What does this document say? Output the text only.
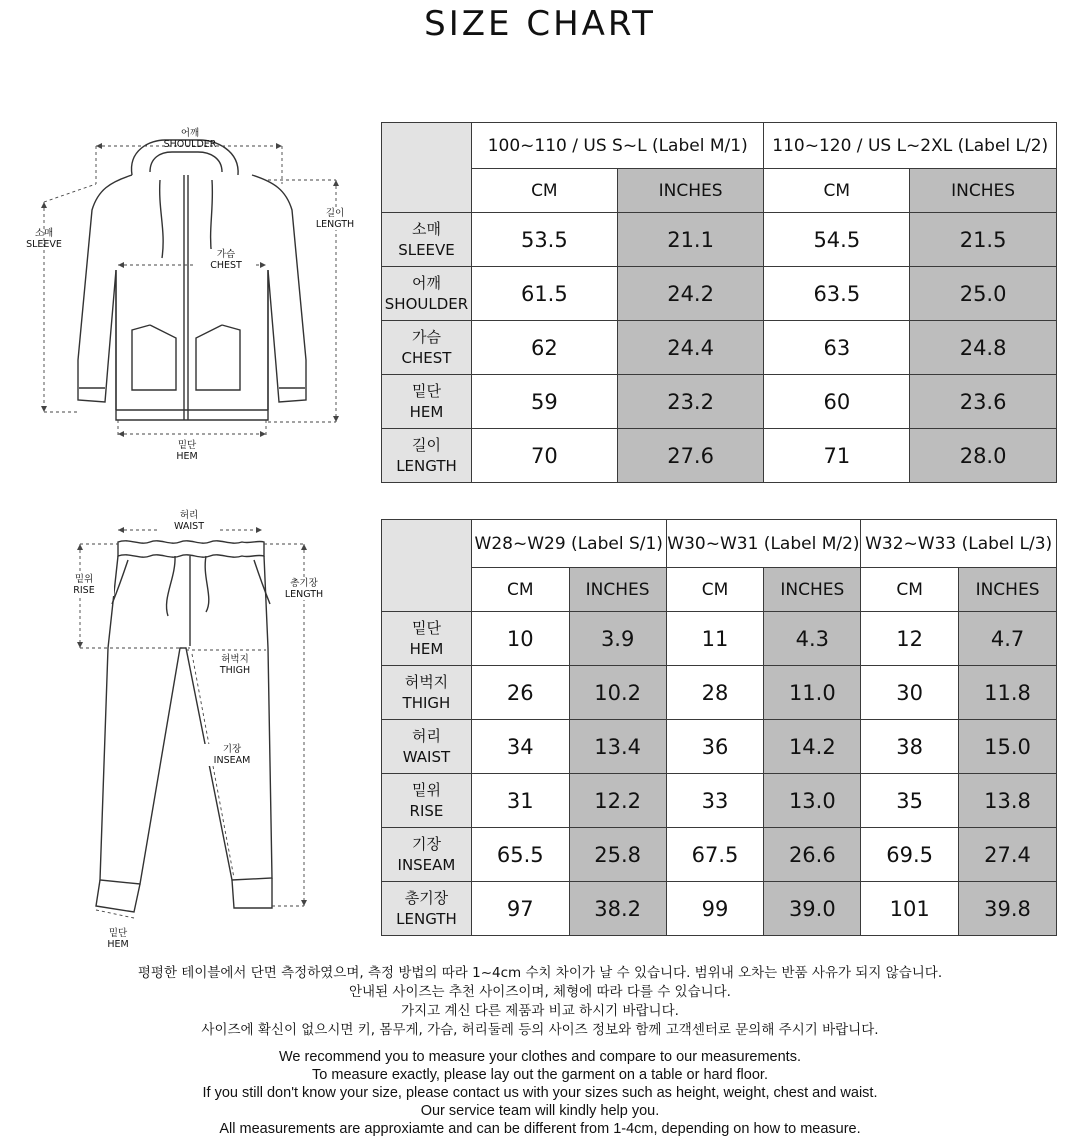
SIZE CHART
어깨
SHOULDER
소매
SLEEVE
길이
LENGTH
가슴
CHEST
밑단
HEM
허리
WAIST
밑위
RISE
총기장
LENGTH
허벅지
THIGH
기장
INSEAM
밑단
HEM
	100~110 / US S~L (Label M/1)		110~120 / US L~2XL (Label L/2)	
	CM	INCHES	CM	INCHES

소매
SLEEVE	53.5	21.1	54.5	21.5

어깨
SHOULDER	61.5	24.2	63.5	25.0

가슴
CHEST	62	24.4	63	24.8

밑단
HEM	59	23.2	60	23.6

길이
LENGTH	70	27.6	71	28.0
	W28~W29 (Label S/1)		W30~W31 (Label M/2)		W32~W33 (Label L/3)	
	CM	INCHES	CM	INCHES	CM	INCHES

밑단
HEM	10	3.9	11	4.3	12	4.7

허벅지
THIGH	26	10.2	28	11.0	30	11.8

허리
WAIST	34	13.4	36	14.2	38	15.0

밑위
RISE	31	12.2	33	13.0	35	13.8

기장
INSEAM	65.5	25.8	67.5	26.6	69.5	27.4

총기장
LENGTH	97	38.2	99	39.0	101	39.8

평평한 테이블에서 단면 측정하였으며, 측정 방법의 따라 1~4cm 수치 차이가 날 수 있습니다. 범위내 오차는 반품 사유가 되지 않습니다.

안내된 사이즈는 추천 사이즈이며, 체형에 따라 다를 수 있습니다.

가지고 계신 다른 제품과 비교 하시기 바랍니다.

사이즈에 확신이 없으시면 키, 몸무게, 가슴, 허리둘레 등의 사이즈 정보와 함께 고객센터로 문의해 주시기 바랍니다.

We recommend you to measure your clothes and compare to our measurements.

To measure exactly, please lay out the garment on a table or hard floor.

If you still don't know your size, please contact us with your sizes such as height, weight, chest and waist.

Our service team will kindly help you.

All measurements are approxiamte and can be different from 1-4cm, depending on how to measure.
